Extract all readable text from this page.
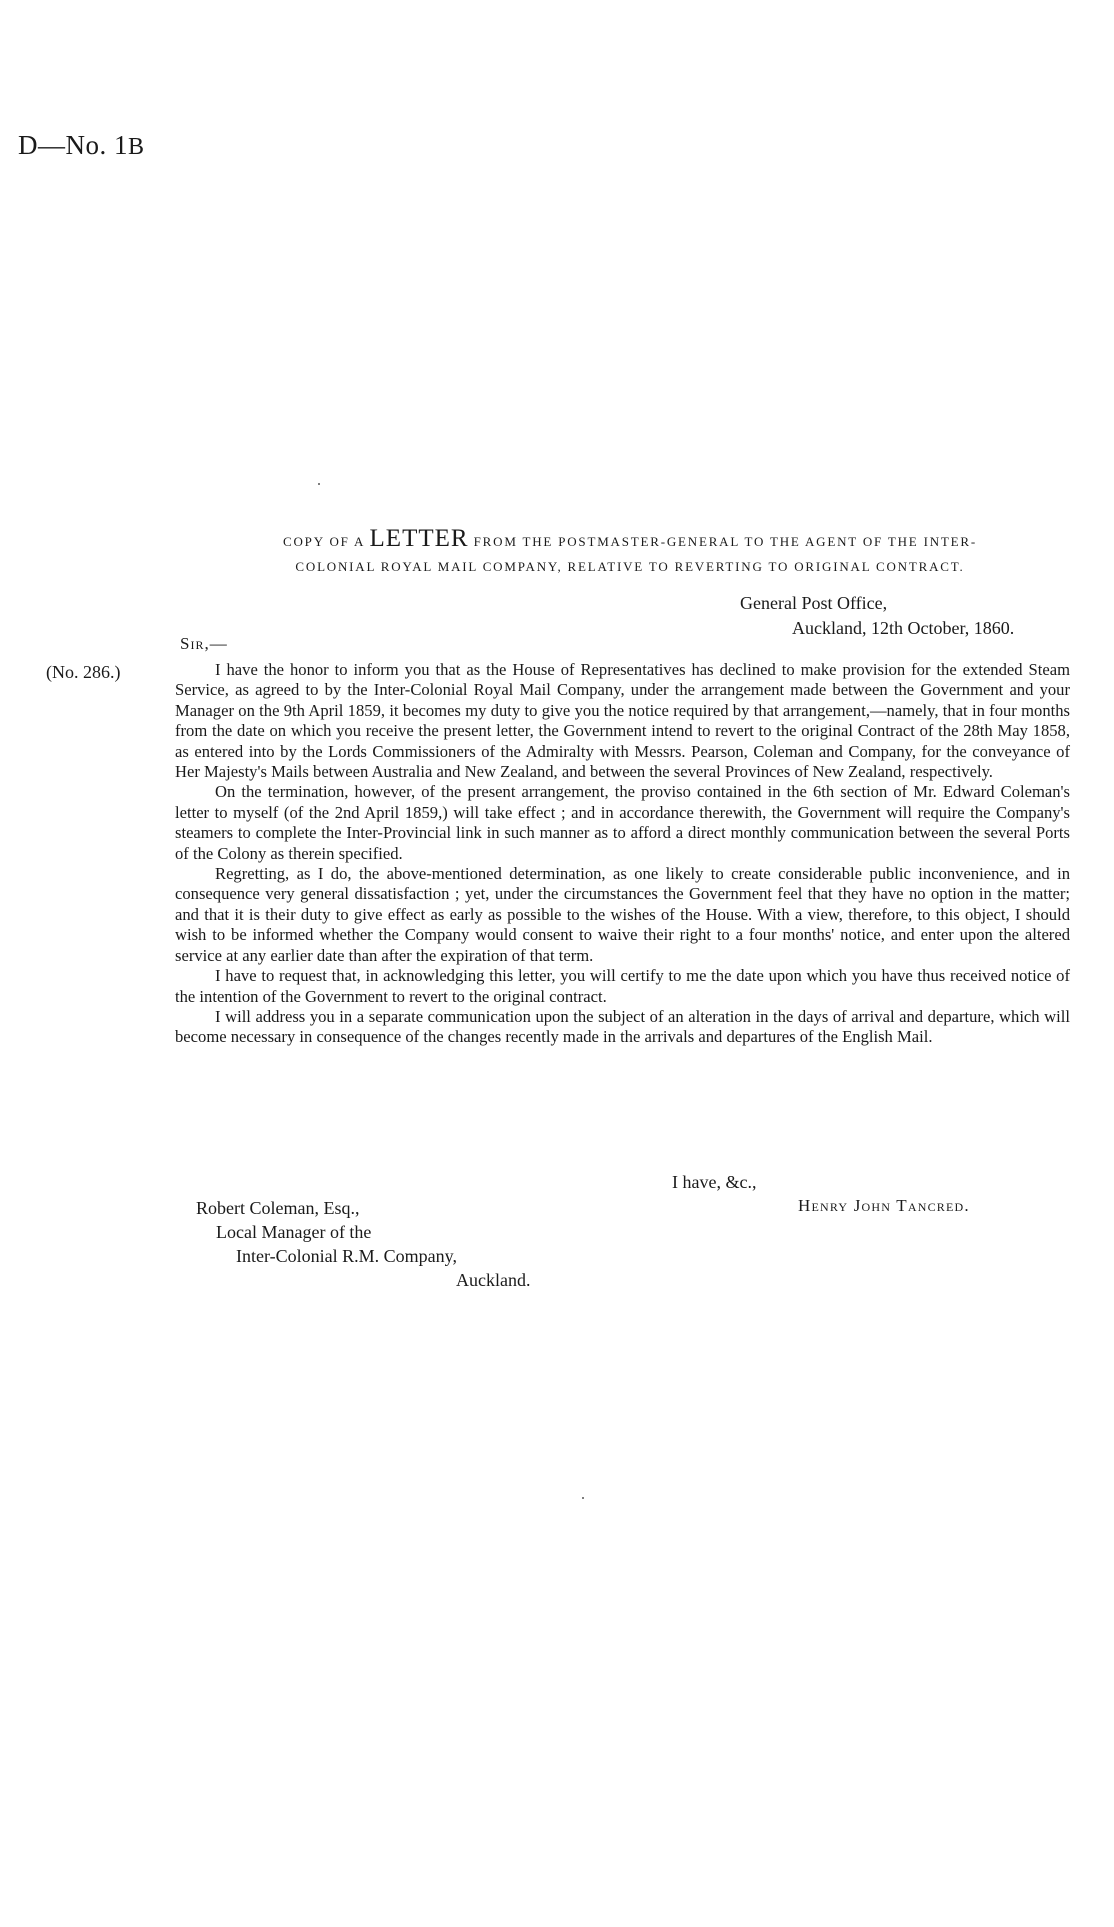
D—No. 1B
COPY OF A LETTER FROM THE POSTMASTER-GENERAL TO THE AGENT OF THE INTER-
COLONIAL ROYAL MAIL COMPANY, RELATIVE TO REVERTING TO ORIGINAL CONTRACT.
General Post Office,
Auckland, 12th October, 1860.
Sir,—
(No. 286.)	I have the honor to inform you that as the House of Representatives has declined to make provision for the extended Steam Service, as agreed to by the Inter-Colonial Royal Mail Company, under the arrangement made between the Government and your Manager on the 9th April 1859, it becomes my duty to give you the notice required by that arrangement,—namely, that in four months from the date on which you receive the present letter, the Government intend to revert to the original Contract of the 28th May 1858, as entered into by the Lords Commissioners of the Admiralty with Messrs. Pearson, Coleman and Company, for the conveyance of Her Majesty's Mails between Australia and New Zealand, and between the several Provinces of New Zealand, respectively.

On the termination, however, of the present arrangement, the proviso contained in the 6th section of Mr. Edward Coleman's letter to myself (of the 2nd April 1859,) will take effect ; and in accordance therewith, the Government will require the Company's steamers to complete the Inter-Provincial link in such manner as to afford a direct monthly communication between the several Ports of the Colony as therein specified.

Regretting, as I do, the above-mentioned determination, as one likely to create considerable public inconvenience, and in consequence very general dissatisfaction ; yet, under the circumstances the Government feel that they have no option in the matter; and that it is their duty to give effect as early as possible to the wishes of the House. With a view, therefore, to this object, I should wish to be informed whether the Company would consent to waive their right to a four months' notice, and enter upon the altered service at any earlier date than after the expiration of that term.

I have to request that, in acknowledging this letter, you will certify to me the date upon which you have thus received notice of the intention of the Government to revert to the original contract.

I will address you in a separate communication upon the subject of an alteration in the days of arrival and departure, which will become necessary in consequence of the changes recently made in the arrivals and departures of the English Mail.

I have, &c.,
Henry John Tancred.
Robert Coleman, Esq.,
Local Manager of the
Inter-Colonial R.M. Company,
Auckland.
